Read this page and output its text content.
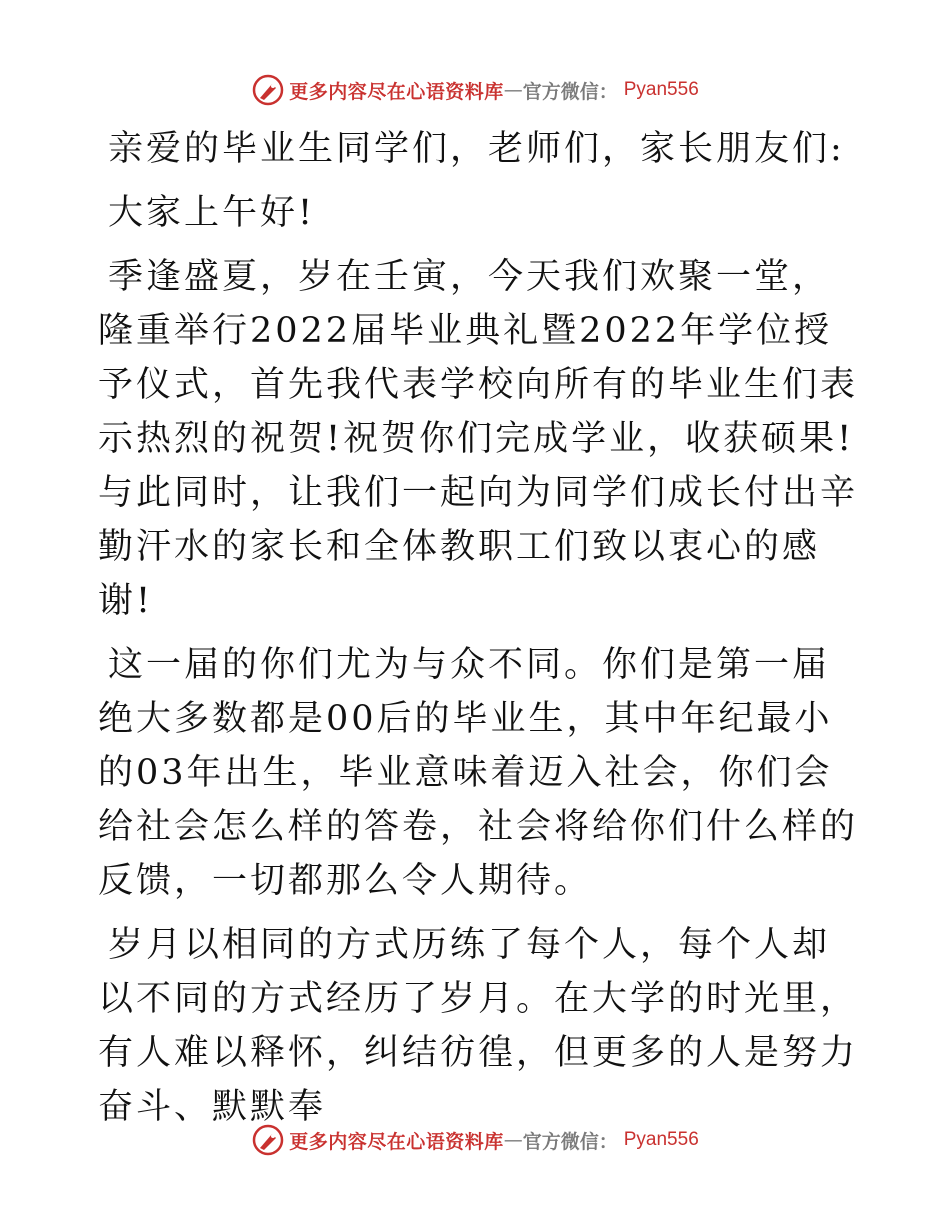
更多内容尽在心语资料库 — 官方微信： Pyan556

亲爱的毕业生同学们，老师们，家长朋友们:

大家上午好!

季逢盛夏，岁在壬寅，今天我们欢聚一堂，隆重举行2022届毕业典礼暨2022年学位授予仪式，首先我代表学校向所有的毕业生们表示热烈的祝贺!祝贺你们完成学业，收获硕果!与此同时，让我们一起向为同学们成长付出辛勤汗水的家长和全体教职工们致以衷心的感谢!

这一届的你们尤为与众不同。你们是第一届绝大多数都是00后的毕业生，其中年纪最小的03年出生，毕业意味着迈入社会，你们会给社会怎么样的答卷，社会将给你们什么样的反馈，一切都那么令人期待。

岁月以相同的方式历练了每个人，每个人却以不同的方式经历了岁月。在大学的时光里，有人难以释怀，纠结彷徨，但更多的人是努力奋斗、默默奉

更多内容尽在心语资料库 — 官方微信： Pyan556
